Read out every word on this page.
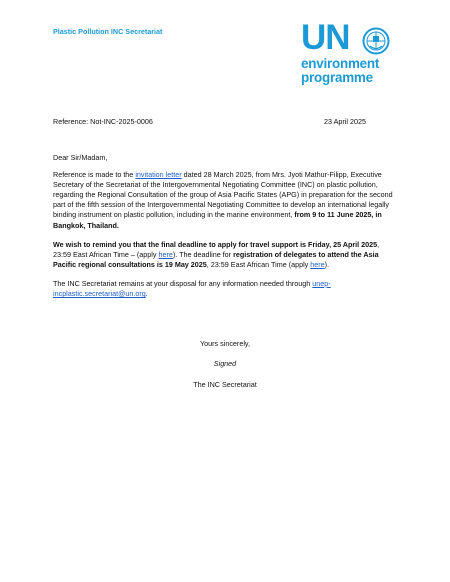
Plastic Pollution INC Secretariat	UN
environment
programme
Reference: Not-INC-2025-0006	23 April 2025

Dear Sir/Madam,

Reference is made to the invitation letter dated 28 March 2025, from Mrs. Jyoti Mathur-Filipp, Executive Secretary of the Secretariat of the Intergovernmental Negotiating Committee (INC) on plastic pollution, regarding the Regional Consultation of the group of Asia Pacific States (APG) in preparation for the second part of the fifth session of the Intergovernmental Negotiating Committee to develop an international legally binding instrument on plastic pollution, including in the marine environment, from 9 to 11 June 2025, in Bangkok, Thailand.

We wish to remind you that the final deadline to apply for travel support is Friday, 25 April 2025, 23:59 East African Time – (apply here). The deadline for registration of delegates to attend the Asia Pacific regional consultations is 19 May 2025, 23:59 East African Time (apply here).

The INC Secretariat remains at your disposal for any information needed through unep-incplastic.secretariat@un.org.

Yours sincerely,
Signed
The INC Secretariat
